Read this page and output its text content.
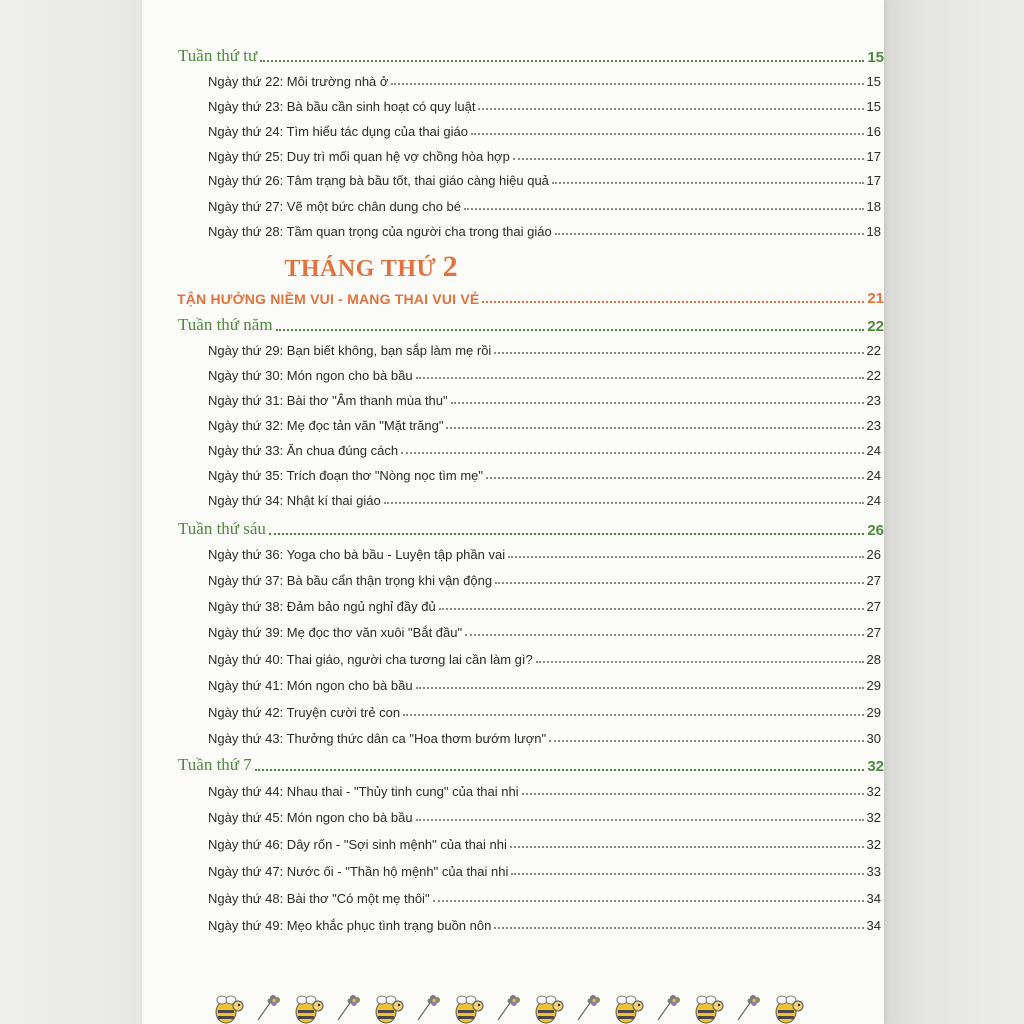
Tuần thứ tư	15
Ngày thứ 22: Môi trường nhà ở	15
Ngày thứ 23: Bà bầu cần sinh hoạt có quy luật	15
Ngày thứ 24: Tìm hiểu tác dụng của thai giáo	16
Ngày thứ 25: Duy trì mối quan hệ vợ chồng hòa hợp	17
Ngày thứ 26: Tâm trạng bà bầu tốt, thai giáo càng hiệu quả	17
Ngày thứ 27: Vẽ một bức chân dung cho bé	18
Ngày thứ 28: Tầm quan trọng của người cha trong thai giáo	18
THÁNG THỨ 2
TẬN HƯỞNG NIỀM VUI - MANG THAI VUI VẺ	21
Tuần thứ năm	22
Ngày thứ 29: Bạn biết không, bạn sắp làm mẹ rồi	22
Ngày thứ 30: Món ngon cho bà bầu	22
Ngày thứ 31: Bài thơ "Âm thanh mùa thu"	23
Ngày thứ 32: Mẹ đọc tản văn "Mặt trăng"	23
Ngày thứ 33: Ăn chua đúng cách	24
Ngày thứ 35: Trích đoạn thơ "Nòng nọc tìm mẹ"	24
Ngày thứ 34: Nhật kí thai giáo	24
Tuần thứ sáu	26
Ngày thứ 36: Yoga cho bà bầu - Luyện tập phần vai	26
Ngày thứ 37: Bà bầu cẩn thận trọng khi vận động	27
Ngày thứ 38: Đảm bảo ngủ nghỉ đầy đủ	27
Ngày thứ 39: Mẹ đọc thơ văn xuôi "Bắt đầu"	27
Ngày thứ 40: Thai giáo, người cha tương lai cần làm gì?	28
Ngày thứ 41: Món ngon cho bà bầu	29
Ngày thứ 42: Truyện cười trẻ con	29
Ngày thứ 43: Thưởng thức dân ca "Hoa thơm bướm lượn"	30
Tuần thứ 7	32
Ngày thứ 44: Nhau thai - "Thủy tinh cung" của thai nhi	32
Ngày thứ 45: Món ngon cho bà bầu	32
Ngày thứ 46: Dây rốn - "Sợi sinh mệnh" của thai nhi	32
Ngày thứ 47: Nước ối - "Thần hộ mệnh" của thai nhi	33
Ngày thứ 48: Bài thơ "Có một mẹ thôi"	34
Ngày thứ 49: Mẹo khắc phục tình trạng buồn nôn	34
